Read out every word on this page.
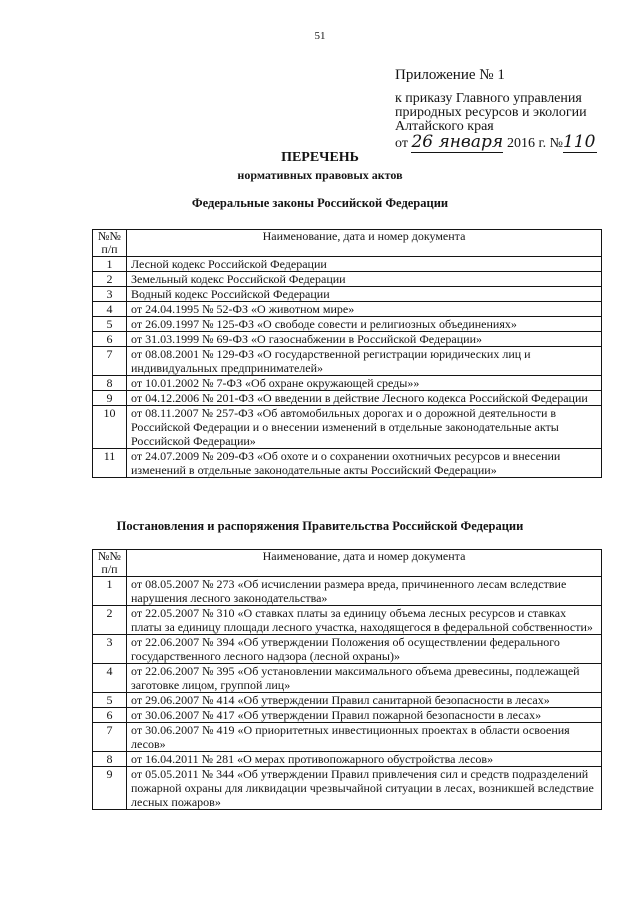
51
Приложение № 1
к приказу Главного управления
природных ресурсов и экологии
Алтайского края
от 26 января 2016 г. №110
ПЕРЕЧЕНЬ
нормативных правовых актов
Федеральные законы Российской Федерации
№№ п/п	Наименование, дата и номер документа
1	Лесной кодекс Российской Федерации
2	Земельный кодекс Российской Федерации
3	Водный кодекс Российской Федерации
4	от 24.04.1995 № 52-ФЗ «О животном мире»
5	от 26.09.1997 № 125-ФЗ «О свободе совести и религиозных объединениях»
6	от 31.03.1999 № 69-ФЗ «О газоснабжении в Российской Федерации»
7	от 08.08.2001 № 129-ФЗ «О государственной регистрации юридических лиц и индивидуальных предпринимателей»
8	от 10.01.2002 № 7-ФЗ «Об охране окружающей среды»»
9	от 04.12.2006 № 201-ФЗ «О введении в действие Лесного кодекса Российской Федерации
10	от 08.11.2007 № 257-ФЗ «Об автомобильных дорогах и о дорожной деятельности в Российской Федерации и о внесении изменений в отдельные законодательные акты Российской Федерации»
11	от 24.07.2009 № 209-ФЗ «Об охоте и о сохранении охотничьих ресурсов и внесении изменений в отдельные законодательные акты Российский Федерации»
Постановления и распоряжения Правительства Российской Федерации
№№ п/п	Наименование, дата и номер документа
1	от 08.05.2007 № 273 «Об исчислении размера вреда, причиненного лесам вследствие нарушения лесного законодательства»
2	от 22.05.2007 № 310 «О ставках платы за единицу объема лесных ресурсов и ставках платы за единицу площади лесного участка, находящегося в федеральной собственности»
3	от 22.06.2007 № 394 «Об утверждении Положения об осуществлении федерального государственного лесного надзора (лесной охраны)»
4	от 22.06.2007 № 395 «Об установлении максимального объема древесины, подлежащей заготовке лицом, группой лиц»
5	от 29.06.2007 № 414 «Об утверждении Правил санитарной безопасности в лесах»
6	от 30.06.2007 № 417 «Об утверждении Правил пожарной безопасности в лесах»
7	от 30.06.2007 № 419 «О приоритетных инвестиционных проектах в области освоения лесов»
8	от 16.04.2011 № 281 «О мерах противопожарного обустройства лесов»
9	от 05.05.2011 № 344 «Об утверждении Правил привлечения сил и средств подразделений пожарной охраны для ликвидации чрезвычайной ситуации в лесах, возникшей вследствие лесных пожаров»
